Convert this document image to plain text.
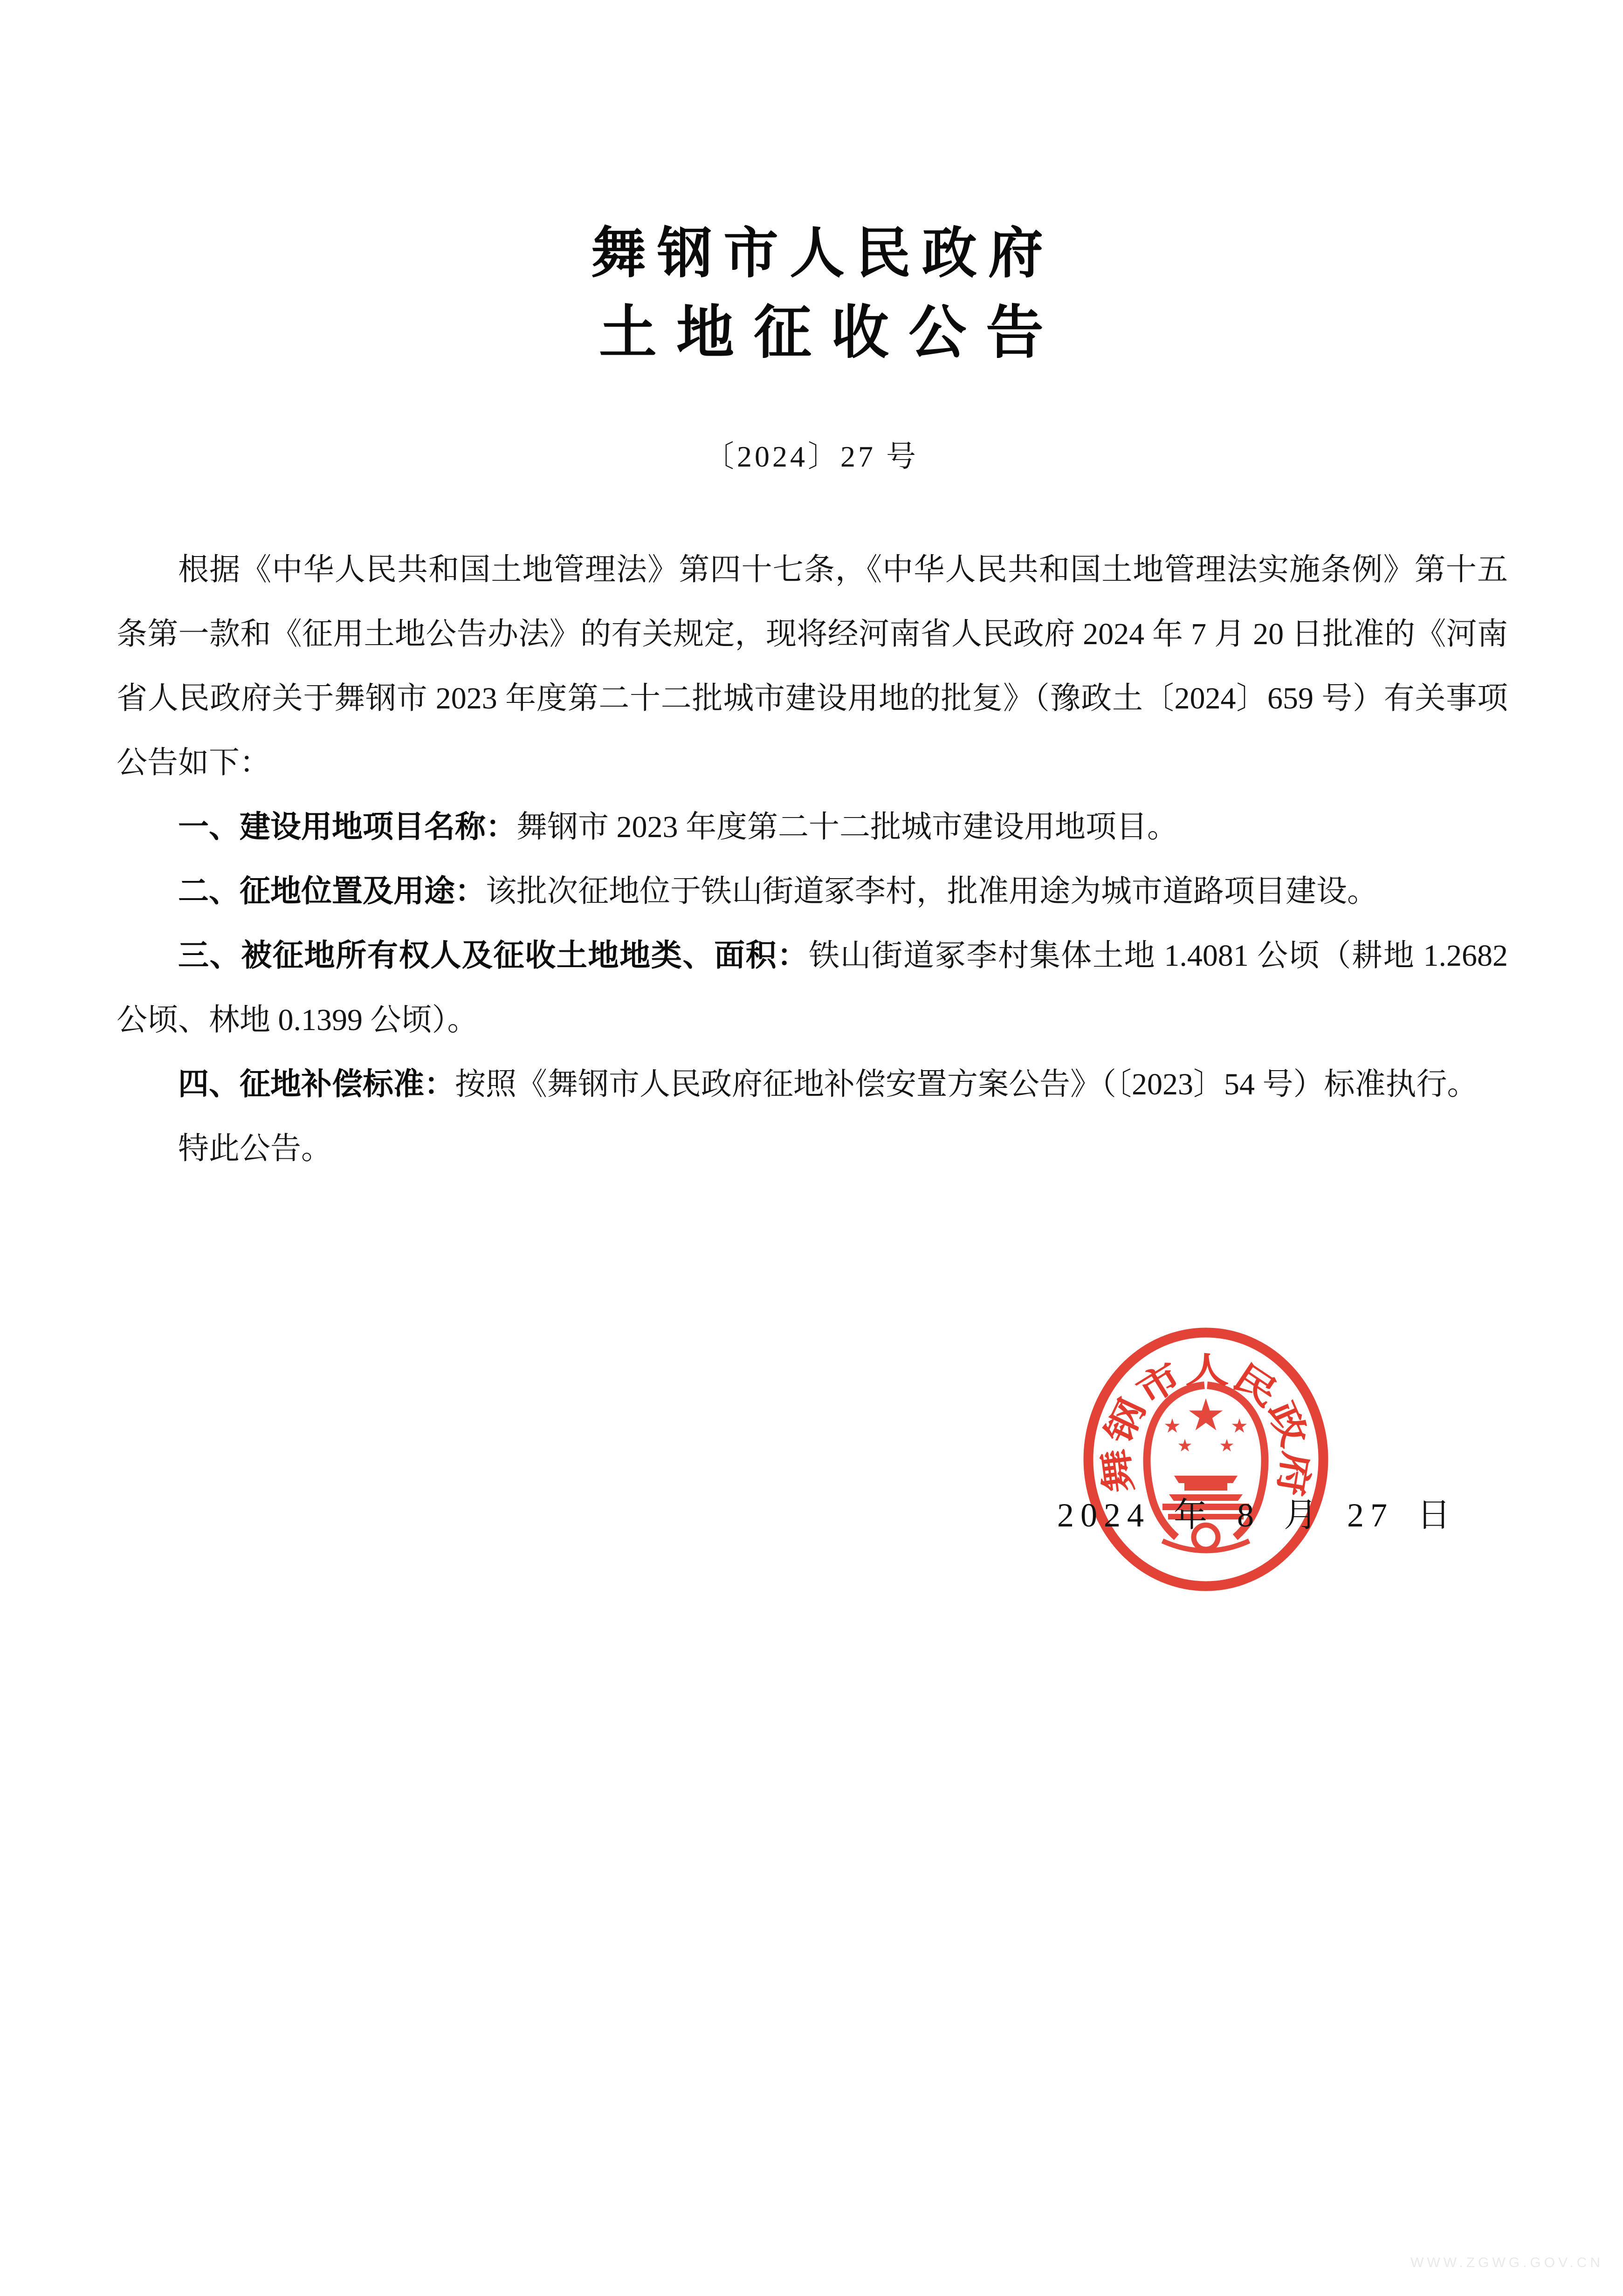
舞钢市人民政府
土地征收公告
〔2024〕27 号

根据《中华人民共和国土地管理法》第四十七条，《中华人民共和国土地管理法实施条例》第十五条第一款和《征用土地公告办法》的有关规定，现将经河南省人民政府 2024 年 7 月 20 日批准的《河南省人民政府关于舞钢市 2023 年度第二十二批城市建设用地的批复》（豫政土〔2024〕659 号）有关事项公告如下：

一、建设用地项目名称：舞钢市 2023 年度第二十二批城市建设用地项目。

二、征地位置及用途：该批次征地位于铁山街道冢李村，批准用途为城市道路项目建设。

三、被征地所有权人及征收土地地类、面积：铁山街道冢李村集体土地 1.4081 公顷（耕地 1.2682 公顷、林地 0.1399 公顷）。

四、征地补偿标准：按照《舞钢市人民政府征地补偿安置方案公告》（〔2023〕54 号）标准执行。

特此公告。

舞钢市人民政府
2024 年 8 月 27 日
WWW.ZGWG.GOV.CN
